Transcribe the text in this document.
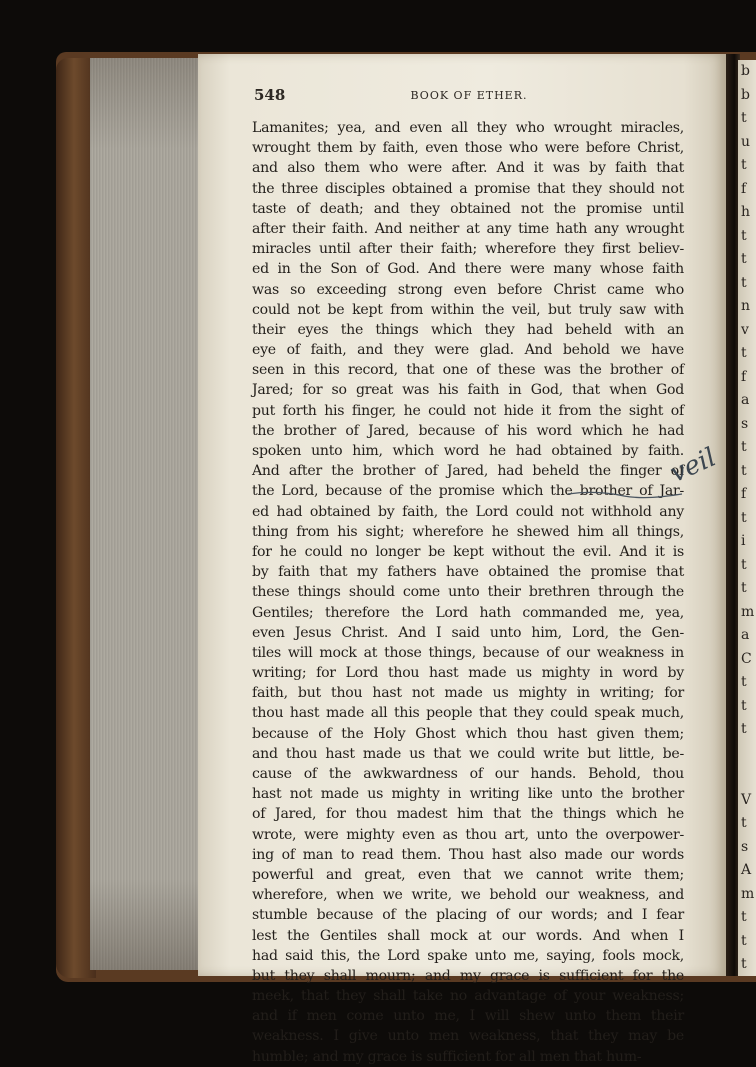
b
b
t
u
t
f
h
t
t
t
n
v
t
f
a
s
t
t
f
t
i
t
t
m
a
C
t
t
t
V
t
s
A
m
t
t
t
548	BOOK OF ETHER.
Lamanites; yea, and even all they who wrought miracles,
wrought them by faith, even those who were before Christ,
and also them who were after. And it was by faith that
the three disciples obtained a promise that they should not
taste of death; and they obtained not the promise until
after their faith. And neither at any time hath any wrought
miracles until after their faith; wherefore they first believ-
ed in the Son of God. And there were many whose faith
was so exceeding strong even before Christ came who
could not be kept from within the veil, but truly saw with
their eyes the things which they had beheld with an
eye of faith, and they were glad. And behold we have
seen in this record, that one of these was the brother of
Jared; for so great was his faith in God, that when God
put forth his finger, he could not hide it from the sight of
the brother of Jared, because of his word which he had
spoken unto him, which word he had obtained by faith.
And after the brother of Jared, had beheld the finger of
the Lord, because of the promise which the brother of Jar-
ed had obtained by faith, the Lord could not withhold any
thing from his sight; wherefore he shewed him all things,
for he could no longer be kept without the evil. And it is
by faith that my fathers have obtained the promise that
these things should come unto their brethren through the
Gentiles; therefore the Lord hath commanded me, yea,
even Jesus Christ. And I said unto him, Lord, the Gen-
tiles will mock at those things, because of our weakness in
writing; for Lord thou hast made us mighty in word by
faith, but thou hast not made us mighty in writing; for
thou hast made all this people that they could speak much,
because of the Holy Ghost which thou hast given them;
and thou hast made us that we could write but little, be-
cause of the awkwardness of our hands. Behold, thou
hast not made us mighty in writing like unto the brother
of Jared, for thou madest him that the things which he
wrote, were mighty even as thou art, unto the overpower-
ing of man to read them. Thou hast also made our words
powerful and great, even that we cannot write them;
wherefore, when we write, we behold our weakness, and
stumble because of the placing of our words; and I fear
lest the Gentiles shall mock at our words. And when I
had said this, the Lord spake unto me, saying, fools mock,
but they shall mourn; and my grace is sufficient for the
meek, that they shall take no advantage of your weakness;
and if men come unto me, I will shew unto them their
weakness. I give unto men weakness, that they may be
humble; and my grace is sufficient for all men that hum-
veil
